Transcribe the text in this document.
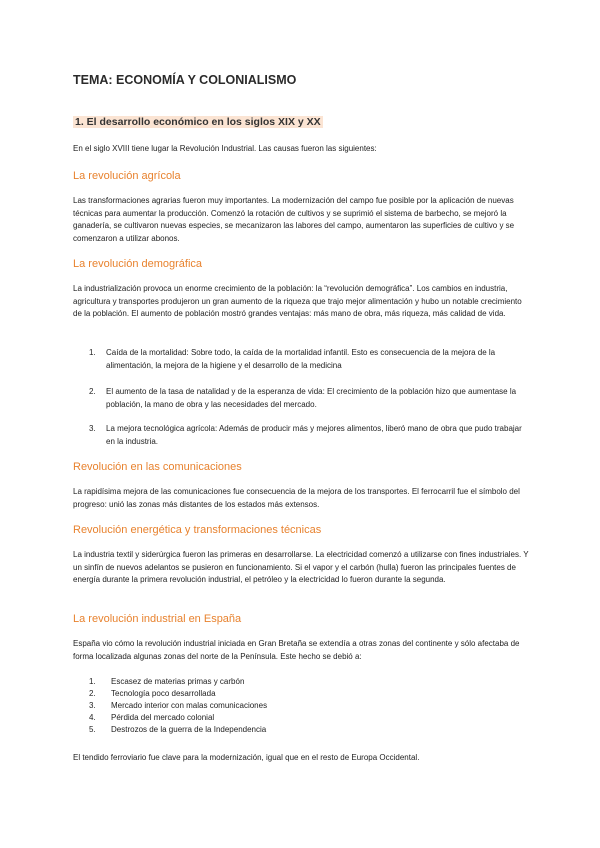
TEMA: ECONOMÍA Y COLONIALISMO
1. El desarrollo económico en los siglos XIX y XX

En el siglo XVIII tiene lugar la Revolución Industrial. Las causas fueron las siguientes:

La revolución agrícola

Las transformaciones agrarias fueron muy importantes. La modernización del campo fue posible por la aplicación de nuevas técnicas para aumentar la producción. Comenzó la rotación de cultivos y se suprimió el sistema de barbecho, se mejoró la ganadería, se cultivaron nuevas especies, se mecanizaron las labores del campo, aumentaron las superficies de cultivo y se comenzaron a utilizar abonos.

La revolución demográfica

La industrialización provoca un enorme crecimiento de la población: la “revolución demográfica”. Los cambios en industria, agricultura y transportes produjeron un gran aumento de la riqueza que trajo mejor alimentación y hubo un notable crecimiento de la población. El aumento de población mostró grandes ventajas: más mano de obra, más riqueza, más calidad de vida.

1. Caída de la mortalidad: Sobre todo, la caída de la mortalidad infantil. Esto es consecuencia de la mejora de la alimentación, la mejora de la higiene y el desarrollo de la medicina
2. El aumento de la tasa de natalidad y de la esperanza de vida: El crecimiento de la población hizo que aumentase la población, la mano de obra y las necesidades del mercado.
3. La mejora tecnológica agrícola: Además de producir más y mejores alimentos, liberó mano de obra que pudo trabajar en la industria.
Revolución en las comunicaciones

La rapidísima mejora de las comunicaciones fue consecuencia de la mejora de los transportes. El ferrocarril fue el símbolo del progreso: unió las zonas más distantes de los estados más extensos.

Revolución energética y transformaciones técnicas

La industria textil y siderúrgica fueron las primeras en desarrollarse. La electricidad comenzó a utilizarse con fines industriales. Y un sinfín de nuevos adelantos se pusieron en funcionamiento. Si el vapor y el carbón (hulla) fueron las principales fuentes de energía durante la primera revolución industrial, el petróleo y la electricidad lo fueron durante la segunda.

La revolución industrial en España

España vio cómo la revolución industrial iniciada en Gran Bretaña se extendía a otras zonas del continente y sólo afectaba de forma localizada algunas zonas del norte de la Península. Este hecho se debió a:

1. Escasez de materias primas y carbón
2. Tecnología poco desarrollada
3. Mercado interior con malas comunicaciones
4. Pérdida del mercado colonial
5. Destrozos de la guerra de la Independencia

El tendido ferroviario fue clave para la modernización, igual que en el resto de Europa Occidental.
